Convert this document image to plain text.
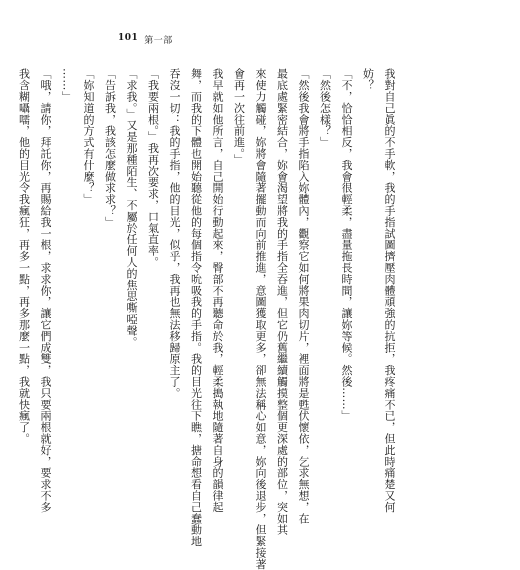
101 第一部

我對自己眞的不手軟，我的手指試圖擠壓肉體頑強的抗拒，我疼痛不已，但此時痛楚又何

妨？

「不，恰恰相反，我會很輕柔，盡量拖長時間，讓妳等候。然後……」

「然後怎樣？」

「然後我會將手指陷入妳體內，觀察它如何將果肉切片，裡面將是甦伏懷依，乞求無想，在

最底處緊密結合，妳會渴望將我的手指全吞進，但它仍舊繼續觸摸整個更深處的部位，突如其

來使力觸碰，妳將會隨著擺動而向前推進，意圖獲取更多，卻無法稱心如意，妳向後退步，但緊接著

會再一次往前進。」

我早就如他所言，自己開始行動起來，臀部不再聽命於我，輕柔搗執地隨著自身的韻律起

舞，而我的下體也開始聽從他的每個指令吮吸我的手指。我的目光往下瞧，搪命想看自己蠢動地

吞沒一切：我的手指，他的目光，似乎，我再也無法移歸原主了。

「我要兩根。」我再次要求，口氣直率。

「求我。」又是那種陌生、不屬於任何人的焦思嘶啞聲。

「告訴我，我該怎麼做求求？」

「妳知道的方式有什麼？」

……」

「哦，請你，拜託你，再賜給我一根，求求你，讓它們成雙，我只要兩根就好，要求不多

我含糊囁嚅，他的目光令我瘋狂，再多一點，再多那麼一點，我就快瘋了。
